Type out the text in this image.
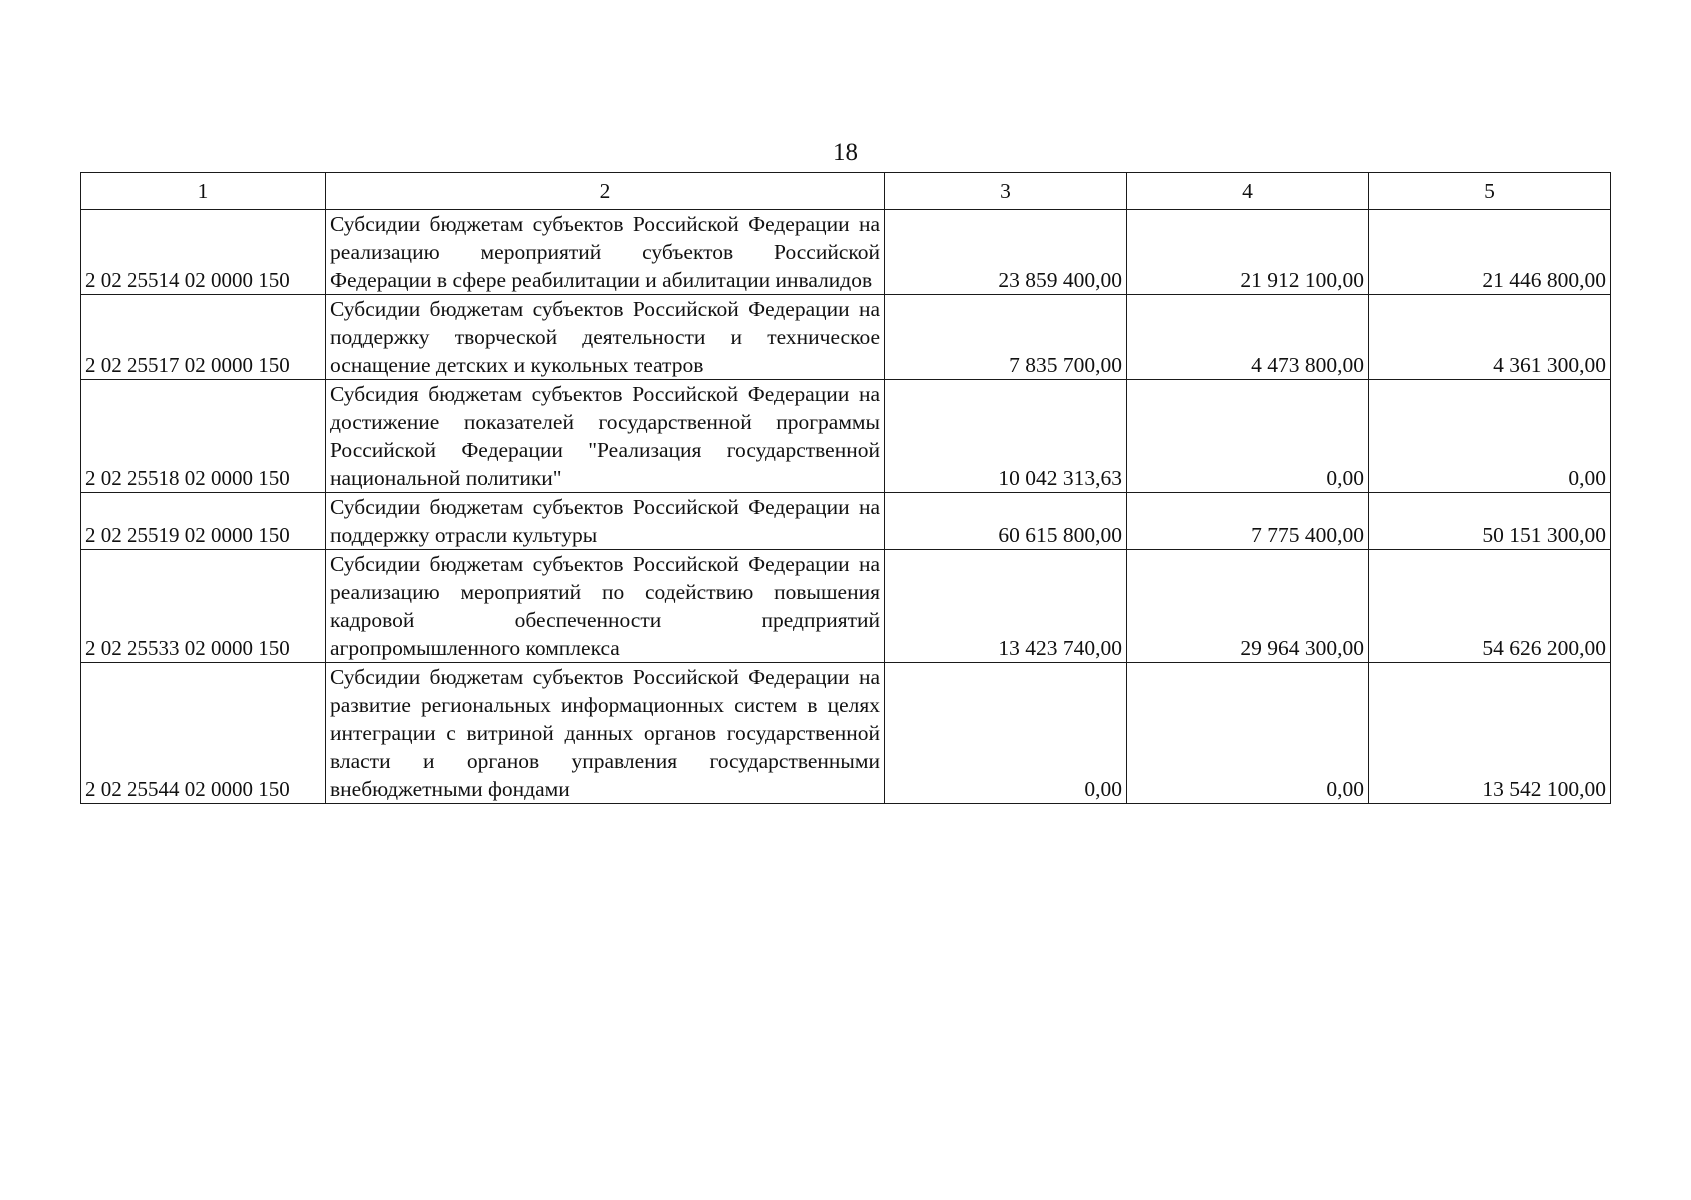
18
1	2	3	4	5
2 02 25514 02 0000 150	Субсидии бюджетам субъектов Российской Федерации на реализацию мероприятий субъектов Российской Федерации в сфере реабилитации и абилитации инвалидов	23 859 400,00	21 912 100,00	21 446 800,00
2 02 25517 02 0000 150	Субсидии бюджетам субъектов Российской Федерации на поддержку творческой деятельности и техническое оснащение детских и кукольных театров	7 835 700,00	4 473 800,00	4 361 300,00
2 02 25518 02 0000 150	Субсидия бюджетам субъектов Российской Федерации на достижение показателей государственной программы Российской Федерации "Реализация государственной национальной политики"	10 042 313,63	0,00	0,00
2 02 25519 02 0000 150	Субсидии бюджетам субъектов Российской Федерации на поддержку отрасли культуры	60 615 800,00	7 775 400,00	50 151 300,00
2 02 25533 02 0000 150	Субсидии бюджетам субъектов Российской Федерации на реализацию мероприятий по содействию повышения кадровой обеспеченности предприятий агропромышленного комплекса	13 423 740,00	29 964 300,00	54 626 200,00
2 02 25544 02 0000 150	Субсидии бюджетам субъектов Российской Федерации на развитие региональных информационных систем в целях интеграции с витриной данных органов государственной власти и органов управления государственными внебюджетными фондами	0,00	0,00	13 542 100,00
